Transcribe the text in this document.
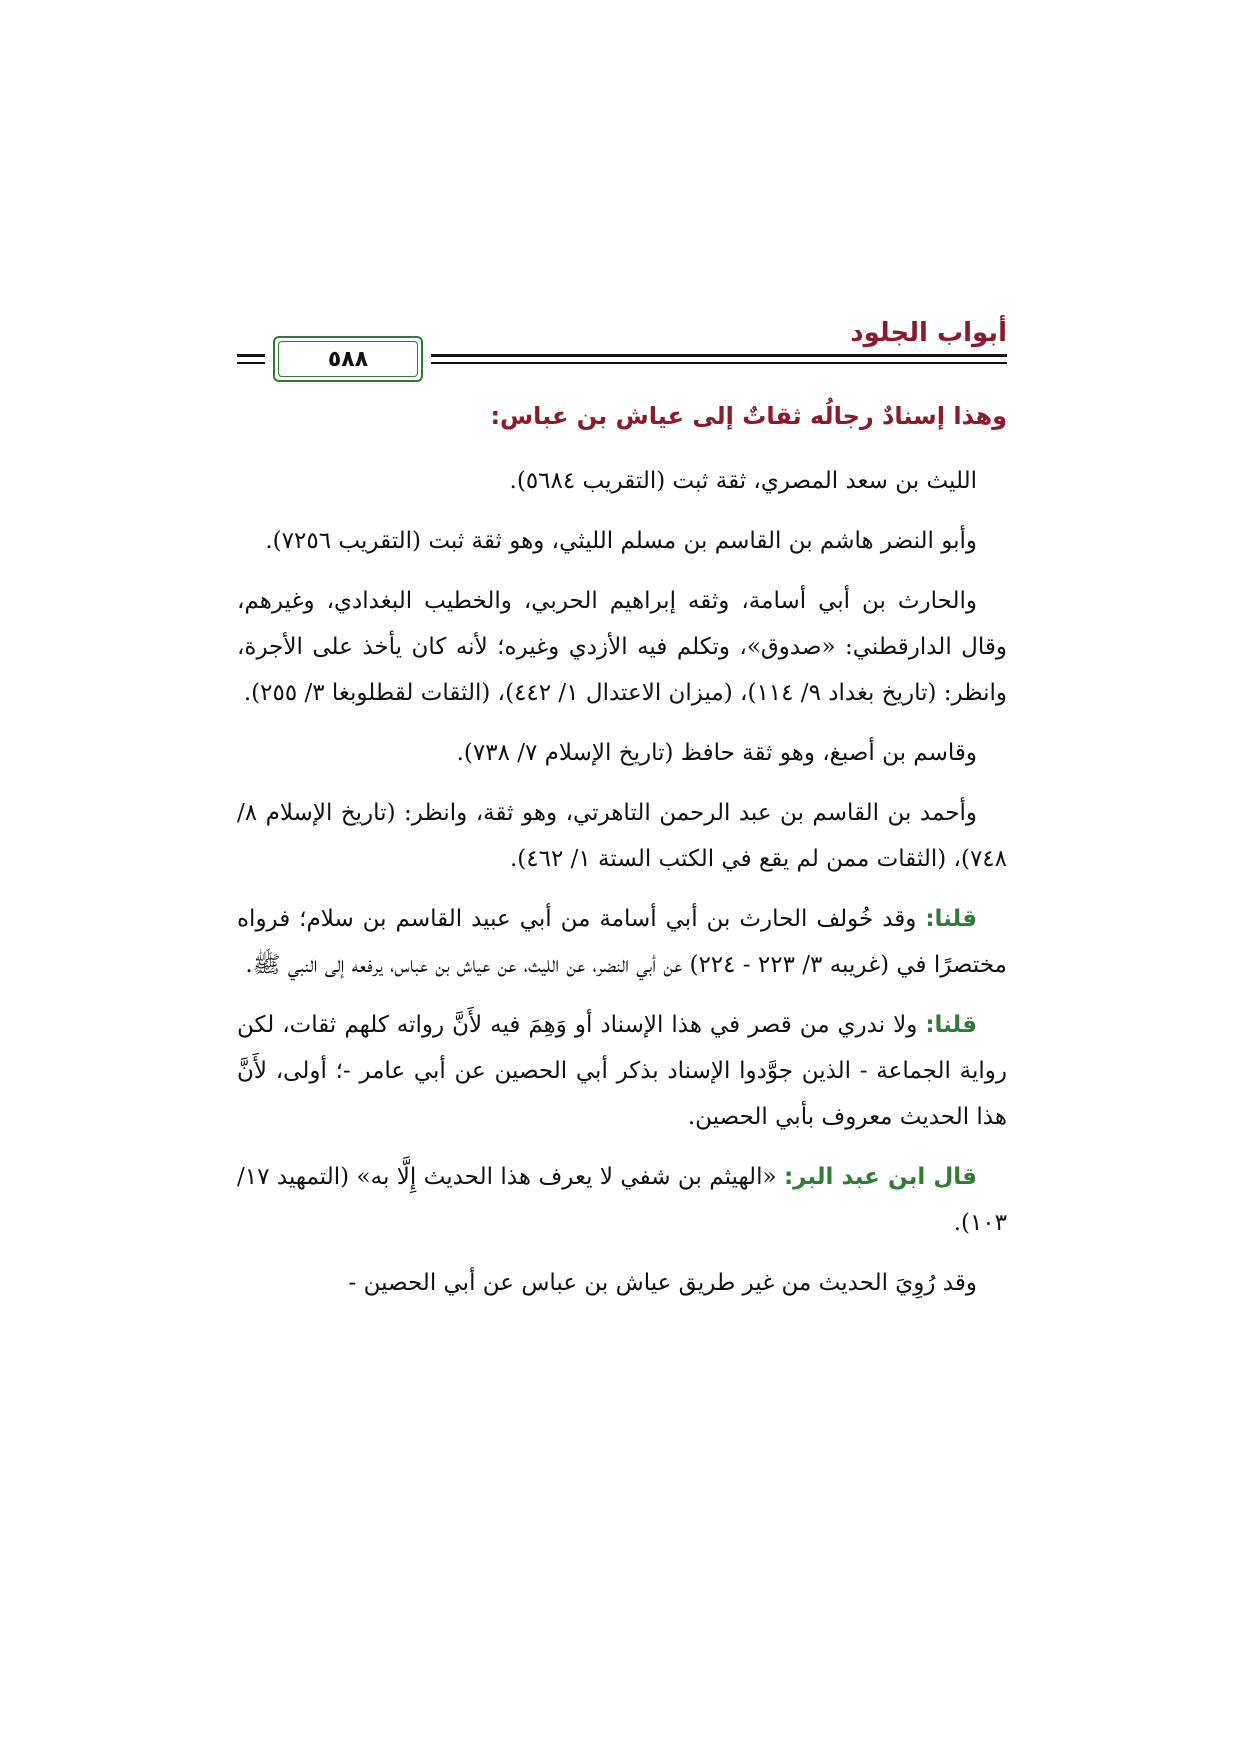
أبواب الجلود
٥٨٨
وهذا إسنادٌ رجالُه ثقاتٌ إلى عياش بن عباس:

الليث بن سعد المصري، ثقة ثبت (التقريب ٥٦٨٤).

وأبو النضر هاشم بن القاسم بن مسلم الليثي، وهو ثقة ثبت (التقريب ٧٢٥٦).

والحارث بن أبي أسامة، وثقه إبراهيم الحربي، والخطيب البغدادي، وغيرهم، وقال الدارقطني: «صدوق»، وتكلم فيه الأزدي وغيره؛ لأنه كان يأخذ على الأجرة، وانظر: (تاريخ بغداد ٩/ ١١٤)، (ميزان الاعتدال ١/ ٤٤٢)، (الثقات لقطلوبغا ٣/ ٢٥٥).

وقاسم بن أصبغ، وهو ثقة حافظ (تاريخ الإسلام ٧/ ٧٣٨).

وأحمد بن القاسم بن عبد الرحمن التاهرتي، وهو ثقة، وانظر: (تاريخ الإسلام ٨/ ٧٤٨)، (الثقات ممن لم يقع في الكتب الستة ١/ ٤٦٢).

قلنا: وقد خُولف الحارث بن أبي أسامة من أبي عبيد القاسم بن سلام؛ فرواه مختصرًا في (غريبه ٣/ ٢٢٣ - ٢٢٤) عن أبي النضر، عن الليث، عن عياش بن عباس، يرفعه إلى النبي ﷺ.

قلنا: ولا ندري من قصر في هذا الإسناد أو وَهِمَ فيه لأَنَّ رواته كلهم ثقات، لكن رواية الجماعة - الذين جوَّدوا الإسناد بذكر أبي الحصين عن أبي عامر -؛ أولى، لأَنَّ هذا الحديث معروف بأبي الحصين.

قال ابن عبد البر: «الهيثم بن شفي لا يعرف هذا الحديث إِلَّا به» (التمهيد ١٧/ ١٠٣).

وقد رُوِيَ الحديث من غير طريق عياش بن عباس عن أبي الحصين -
